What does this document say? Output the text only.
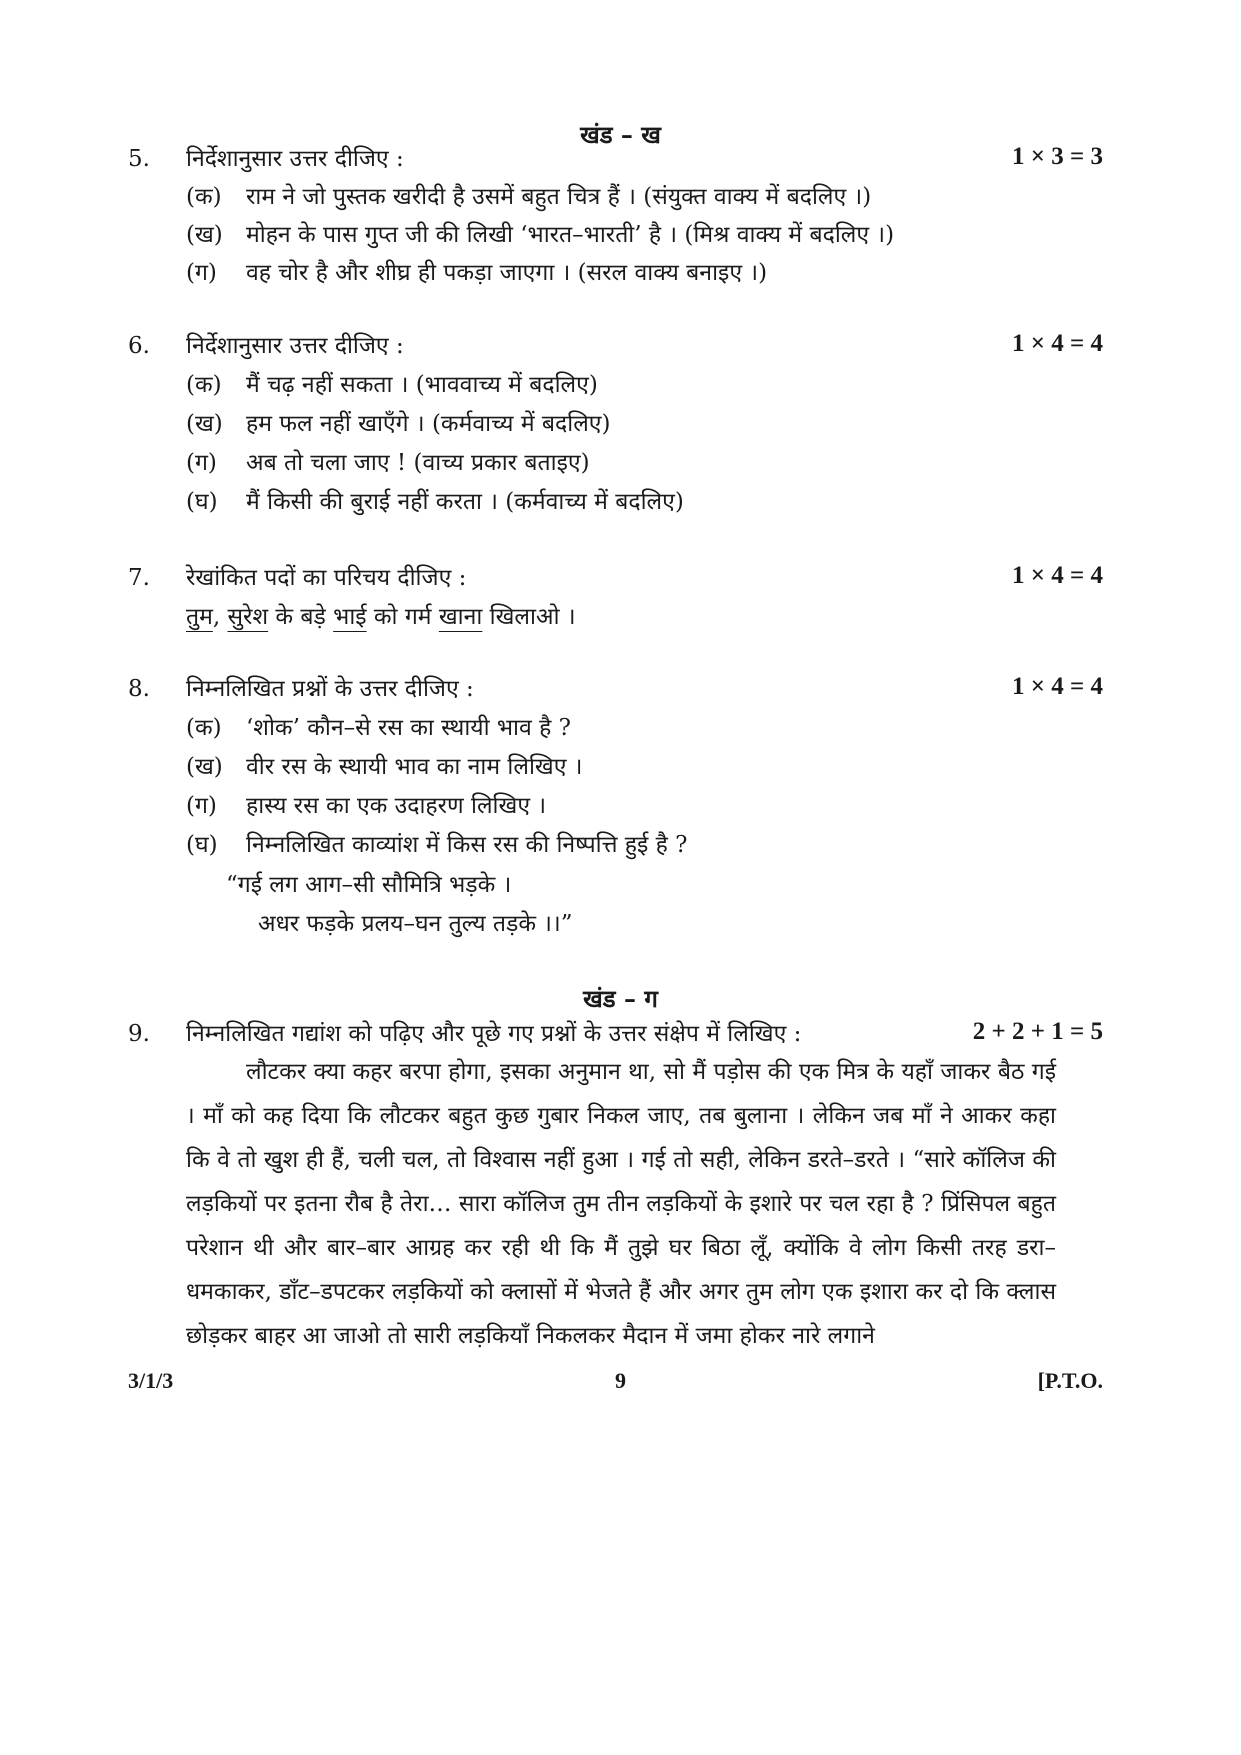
खंड – ख
5. निर्देशानुसार उत्तर दीजिए :	1 × 3 = 3
(क) राम ने जो पुस्तक खरीदी है उसमें बहुत चित्र हैं । (संयुक्त वाक्य में बदलिए ।)
(ख) मोहन के पास गुप्त जी की लिखी ‘भारत–भारती’ है । (मिश्र वाक्य में बदलिए ।)
(ग) वह चोर है और शीघ्र ही पकड़ा जाएगा । (सरल वाक्य बनाइए ।)
6. निर्देशानुसार उत्तर दीजिए :	1 × 4 = 4
(क) मैं चढ़ नहीं सकता । (भाववाच्य में बदलिए)
(ख) हम फल नहीं खाएँगे । (कर्मवाच्य में बदलिए)
(ग) अब तो चला जाए ! (वाच्य प्रकार बताइए)
(घ) मैं किसी की बुराई नहीं करता । (कर्मवाच्य में बदलिए)
7. रेखांकित पदों का परिचय दीजिए :	1 × 4 = 4
तुम, सुरेश के बड़े भाई को गर्म खाना खिलाओ ।
8. निम्नलिखित प्रश्नों के उत्तर दीजिए :	1 × 4 = 4
(क) ‘शोक’ कौन–से रस का स्थायी भाव है ?
(ख) वीर रस के स्थायी भाव का नाम लिखिए ।
(ग) हास्य रस का एक उदाहरण लिखिए ।
(घ) निम्नलिखित काव्यांश में किस रस की निष्पत्ति हुई है ?
“गई लग आग–सी सौमित्रि भड़के ।
अधर फड़के प्रलय–घन तुल्य तड़के ।।”
खंड – ग
9. निम्नलिखित गद्यांश को पढ़िए और पूछे गए प्रश्नों के उत्तर संक्षेप में लिखिए :	2 + 2 + 1 = 5
लौटकर क्या कहर बरपा होगा, इसका अनुमान था, सो मैं पड़ोस की एक मित्र के यहाँ जाकर बैठ गई । माँ को कह दिया कि लौटकर बहुत कुछ गुबार निकल जाए, तब बुलाना । लेकिन जब माँ ने आकर कहा कि वे तो खुश ही हैं, चली चल, तो विश्वास नहीं हुआ । गई तो सही, लेकिन डरते–डरते । “सारे कॉलिज की लड़कियों पर इतना रौब है तेरा… सारा कॉलिज तुम तीन लड़कियों के इशारे पर चल रहा है ? प्रिंसिपल बहुत परेशान थी और बार–बार आग्रह कर रही थी कि मैं तुझे घर बिठा लूँ, क्योंकि वे लोग किसी तरह डरा–धमकाकर, डाँट–डपटकर लड़कियों को क्लासों में भेजते हैं और अगर तुम लोग एक इशारा कर दो कि क्लास छोड़कर बाहर आ जाओ तो सारी लड़कियाँ निकलकर मैदान में जमा होकर नारे लगाने
3/1/3	9	[P.T.O.
